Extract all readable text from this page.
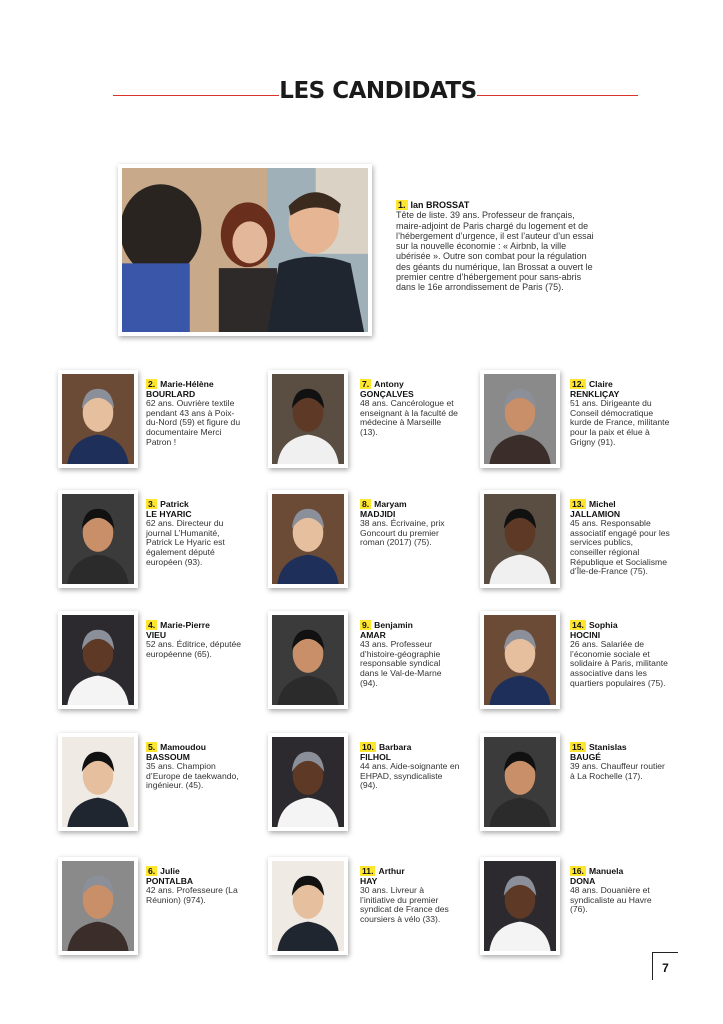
LES CANDIDATS
1. Ian BROSSAT
Tête de liste. 39 ans. Professeur de français, maire-adjoint de Paris chargé du logement et de l’hébergement d’urgence, il est l’auteur d’un essai sur la nouvelle économie : « Airbnb, la ville ubérisée ». Outre son combat pour la régulation des géants du numérique, Ian Brossat a ouvert le premier centre d’hébergement pour sans-abris dans le 16e arrondissement de Paris (75).
2. Marie-Hélène
BOURLARD
62 ans. Ouvrière textile pendant 43 ans à Poix-du-Nord (59) et figure du documentaire Merci Patron !
3. Patrick
LE HYARIC
62 ans. Directeur du journal L’Humanité, Patrick Le Hyaric est également député européen (93).
4. Marie-Pierre
VIEU
52 ans. Éditrice, députée européenne (65).
5. Mamoudou
BASSOUM
35 ans. Champion d’Europe de taekwando, ingénieur. (45).
6. Julie
PONTALBA
42 ans. Professeure (La Réunion) (974).
7. Antony
GONÇALVES
48 ans. Cancérologue et enseignant à la faculté de médecine à Marseille (13).
8. Maryam
MADJIDI
38 ans. Écrivaine, prix Goncourt du premier roman (2017) (75).
9. Benjamin
AMAR
43 ans. Professeur d’histoire-géographie responsable syndical dans le Val-de-Marne (94).
10. Barbara
FILHOL
44 ans. Aide-soignante en EHPAD, ssyndicaliste (94).
11. Arthur
HAY
30 ans. Livreur à l’initiative du premier syndicat de France des coursiers à vélo (33).
12. Claire
RENKLIÇAY
51 ans. Dirigeante du Conseil démocratique kurde de France, militante pour la paix et élue à Grigny (91).
13. Michel
JALLAMION
45 ans. Responsable associatif engagé pour les services publics, conseiller régional République et Socialisme d’Île-de-France (75).
14. Sophia
HOCINI
26 ans. Salariée de l’économie sociale et solidaire à Paris, militante associative dans les quartiers populaires (75).
15. Stanislas
BAUGÉ
39 ans. Chauffeur routier à La Rochelle (17).
16. Manuela
DONA
48 ans. Douanière et syndicaliste au Havre (76).
7
